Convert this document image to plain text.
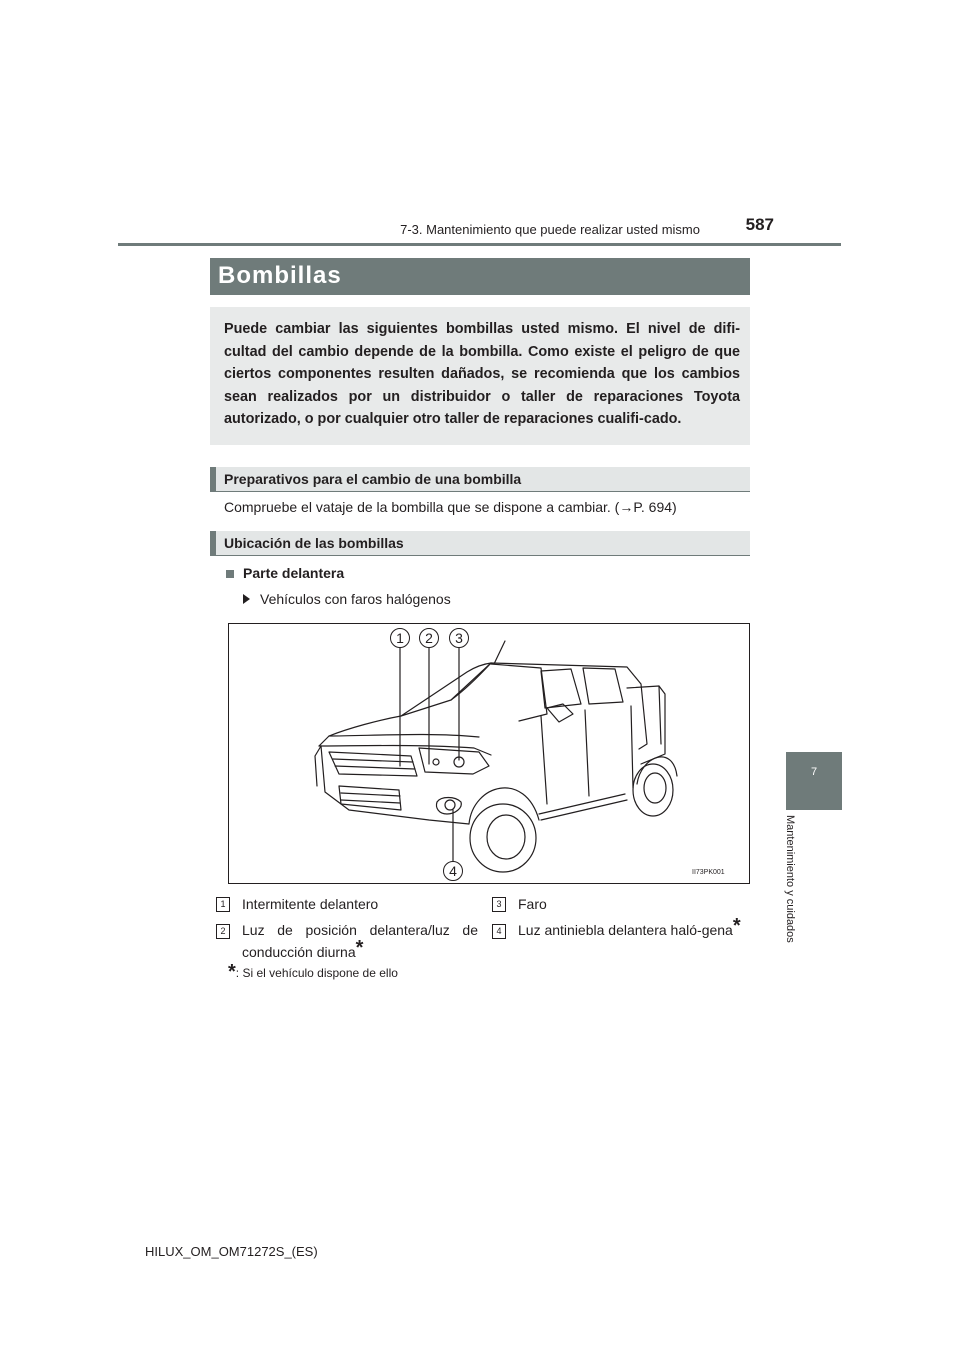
7-3. Mantenimiento que puede realizar usted mismo	587
7
Mantenimiento y cuidados
Bombillas

Puede cambiar las siguientes bombillas usted mismo. El nivel de difi-cultad del cambio depende de la bombilla. Como existe el peligro de que ciertos componentes resulten dañados, se recomienda que los cambios sean realizados por un distribuidor o taller de reparaciones Toyota autorizado, o por cualquier otro taller de reparaciones cualifi-cado.

Preparativos para el cambio de una bombilla
Compruebe el vataje de la bombilla que se dispone a cambiar. (→P. 694)
Ubicación de las bombillas
Parte delantera
Vehículos con faros halógenos
1	2	3
4	II73PK001
1	Intermitente delantero	3	Faro
2	Luz de posición delantera/luz de conducción diurna*
4	Luz antiniebla delantera haló-gena*
*: Si el vehículo dispone de ello
HILUX_OM_OM71272S_(ES)
